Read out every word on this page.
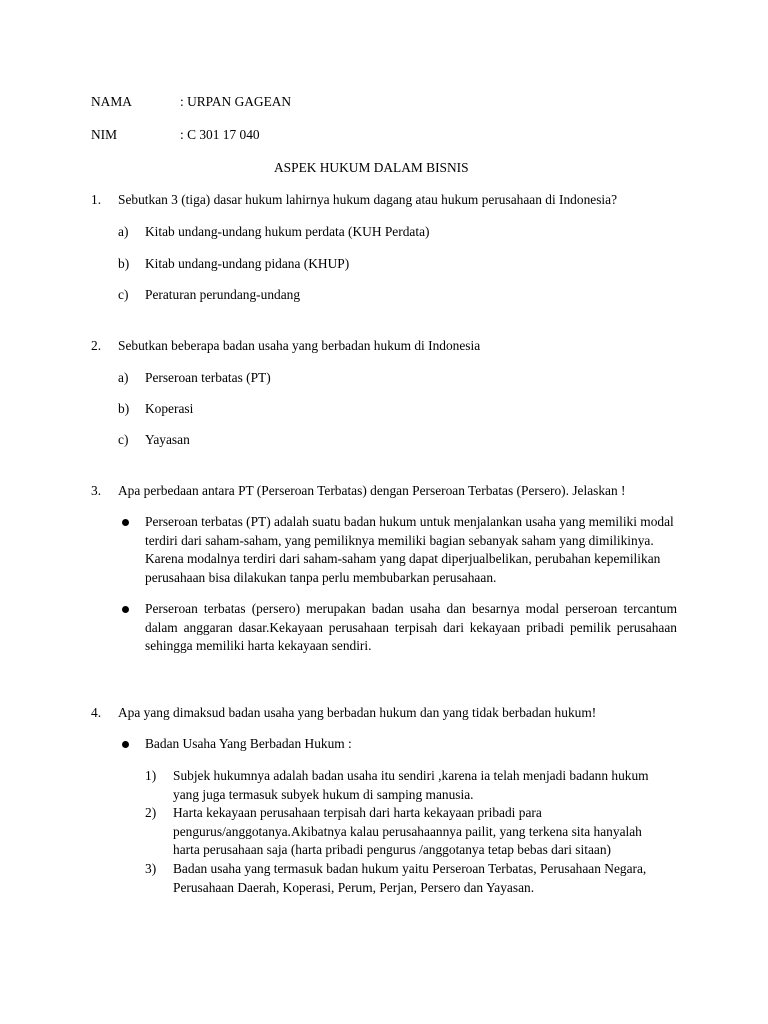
NAMA	: URPAN GAGEAN
NIM	: C 301 17 040
ASPEK HUKUM DALAM BISNIS
1. Sebutkan 3 (tiga) dasar hukum lahirnya hukum dagang atau hukum perusahaan di Indonesia?
a) Kitab undang-undang hukum perdata (KUH Perdata)
b) Kitab undang-undang pidana (KHUP)
c) Peraturan perundang-undang
2. Sebutkan beberapa badan usaha yang berbadan hukum di Indonesia
a) Perseroan terbatas (PT)
b) Koperasi
c) Yayasan
3. Apa perbedaan antara PT (Perseroan Terbatas) dengan Perseroan Terbatas (Persero). Jelaskan !
Perseroan terbatas (PT) adalah suatu badan hukum untuk menjalankan usaha yang memiliki modal terdiri dari saham-saham, yang pemiliknya memiliki bagian sebanyak saham yang dimilikinya. Karena modalnya terdiri dari saham-saham yang dapat diperjualbelikan, perubahan kepemilikan perusahaan bisa dilakukan tanpa perlu membubarkan perusahaan.
Perseroan terbatas (persero) merupakan badan usaha dan besarnya modal perseroan tercantum dalam anggaran dasar.Kekayaan perusahaan terpisah dari kekayaan pribadi pemilik perusahaan sehingga memiliki harta kekayaan sendiri.
4. Apa yang dimaksud badan usaha yang berbadan hukum dan yang tidak berbadan hukum!
Badan Usaha Yang Berbadan Hukum :
1) Subjek hukumnya adalah badan usaha itu sendiri ,karena ia telah menjadi badann hukum yang juga termasuk subyek hukum di samping manusia.
2) Harta kekayaan perusahaan terpisah dari harta kekayaan pribadi para pengurus/anggotanya.Akibatnya kalau perusahaannya pailit, yang terkena sita hanyalah harta perusahaan saja (harta pribadi pengurus /anggotanya tetap bebas dari sitaan)
3) Badan usaha yang termasuk badan hukum yaitu Perseroan Terbatas, Perusahaan Negara, Perusahaan Daerah, Koperasi, Perum, Perjan, Persero dan Yayasan.
